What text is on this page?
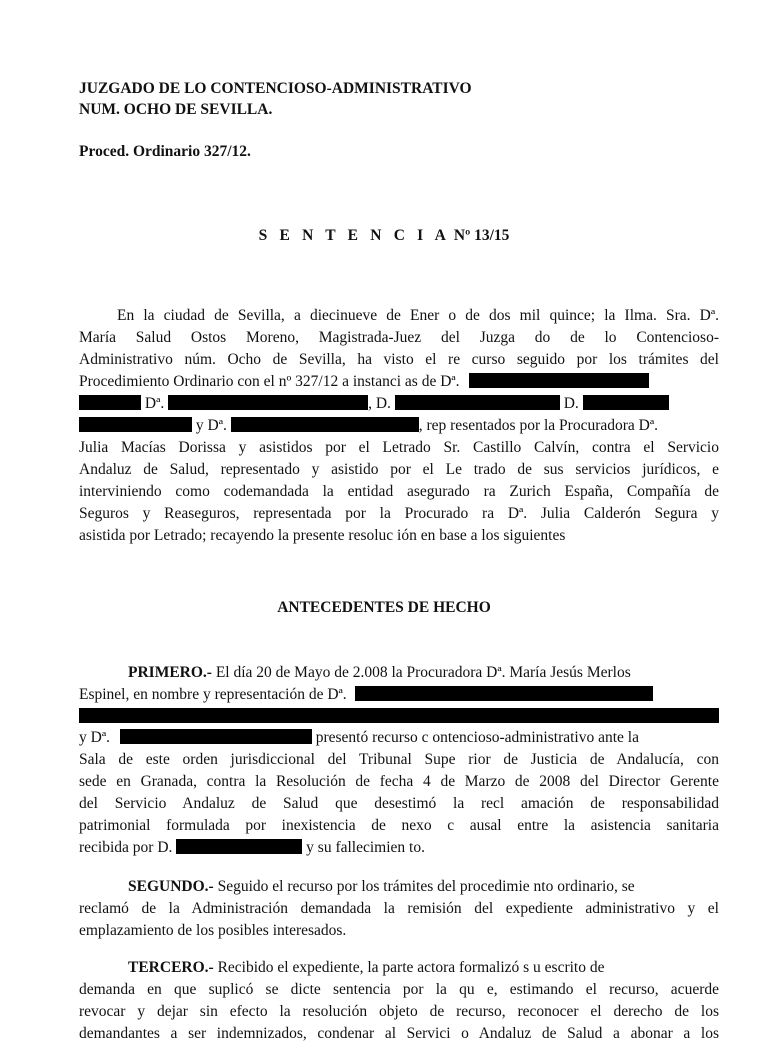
JUZGADO DE LO CONTENCIOSO-ADMINISTRATIVO
NUM. OCHO DE SEVILLA.
Proced. Ordinario 327/12.
S E N T E N C I A Nº 13/15
En la ciudad de Sevilla, a diecinueve de Ener o de dos mil quince; la Ilma. Sra. Dª.
María Salud Ostos Moreno, Magistrada-Juez del Juzga do de lo Contencioso-
Administrativo núm. Ocho de Sevilla, ha visto el re curso seguido por los trámites del
Procedimiento Ordinario con el nº 327/12 a instanci as de Dª.
Dª.	, D.	D.
y Dª.	, rep resentados por la Procuradora Dª.
Julia Macías Dorissa y asistidos por el Letrado Sr. Castillo Calvín, contra el Servicio
Andaluz de Salud, representado y asistido por el Le trado de sus servicios jurídicos, e
interviniendo como codemandada la entidad asegurado ra Zurich España, Compañía de
Seguros y Reaseguros, representada por la Procurado ra Dª. Julia Calderón Segura y
asistida por Letrado; recayendo la presente resoluc ión en base a los siguientes
ANTECEDENTES DE HECHO
PRIMERO.- El día 20 de Mayo de 2.008 la Procuradora Dª. María Jesús Merlos
Espinel, en nombre y representación de Dª.
y Dª.	presentó recurso c ontencioso-administrativo ante la
Sala de este orden jurisdiccional del Tribunal Supe rior de Justicia de Andalucía, con
sede en Granada, contra la Resolución de fecha 4 de Marzo de 2008 del Director Gerente
del Servicio Andaluz de Salud que desestimó la recl amación de responsabilidad
patrimonial formulada por inexistencia de nexo c ausal entre la asistencia sanitaria
recibida por D.	y su fallecimien to.
SEGUNDO.- Seguido el recurso por los trámites del procedimie nto ordinario, se
reclamó de la Administración demandada la remisión del expediente administrativo y el
emplazamiento de los posibles interesados.
TERCERO.- Recibido el expediente, la parte actora formalizó s u escrito de
demanda en que suplicó se dicte sentencia por la qu e, estimando el recurso, acuerde
revocar y dejar sin efecto la resolución objeto de recurso, reconocer el derecho de los
demandantes a ser indemnizados, condenar al Servici o Andaluz de Salud a abonar a los
